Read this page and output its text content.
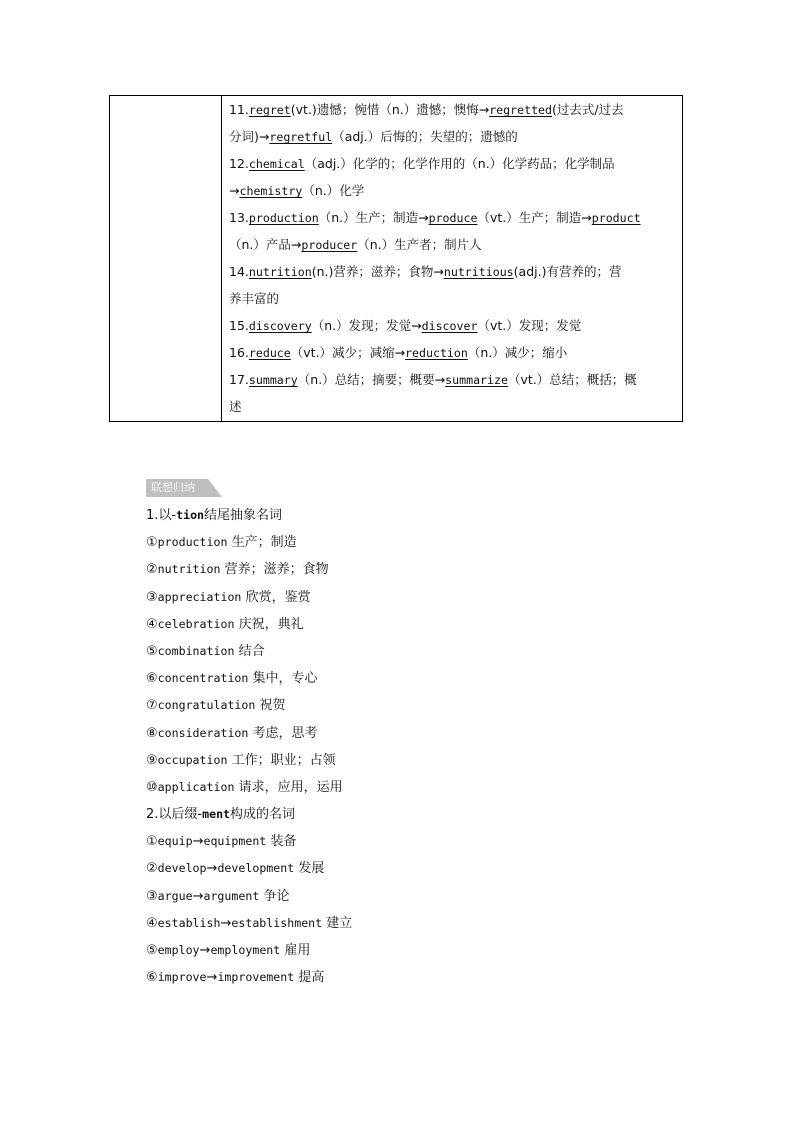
11.regret(vt.)遗憾；惋惜（n.）遗憾；懊悔→regretted(过去式/过去
分词)→regretful（adj.）后悔的；失望的；遗憾的
12.chemical（adj.）化学的；化学作用的（n.）化学药品；化学制品
→chemistry（n.）化学
13.production（n.）生产；制造→produce（vt.）生产；制造→product
（n.）产品→producer（n.）生产者；制片人
14.nutrition(n.)营养；滋养；食物→nutritious(adj.)有营养的；营
养丰富的
15.discovery（n.）发现；发觉→discover（vt.）发现；发觉
16.reduce（vt.）减少；减缩→reduction（n.）减少；缩小
17.summary（n.）总结；摘要；概要→summarize（vt.）总结；概括；概
述
联想归纳
1.以-tion结尾抽象名词
①production 生产；制造
②nutrition 营养；滋养；食物
③appreciation 欣赏，鉴赏
④celebration 庆祝，典礼
⑤combination 结合
⑥concentration 集中，专心
⑦congratulation 祝贺
⑧consideration 考虑，思考
⑨occupation 工作；职业；占领
⑩application 请求，应用，运用
2.以后缀-ment构成的名词
①equip→equipment 装备
②develop→development 发展
③argue→argument 争论
④establish→establishment 建立
⑤employ→employment 雇用
⑥improve→improvement 提高
